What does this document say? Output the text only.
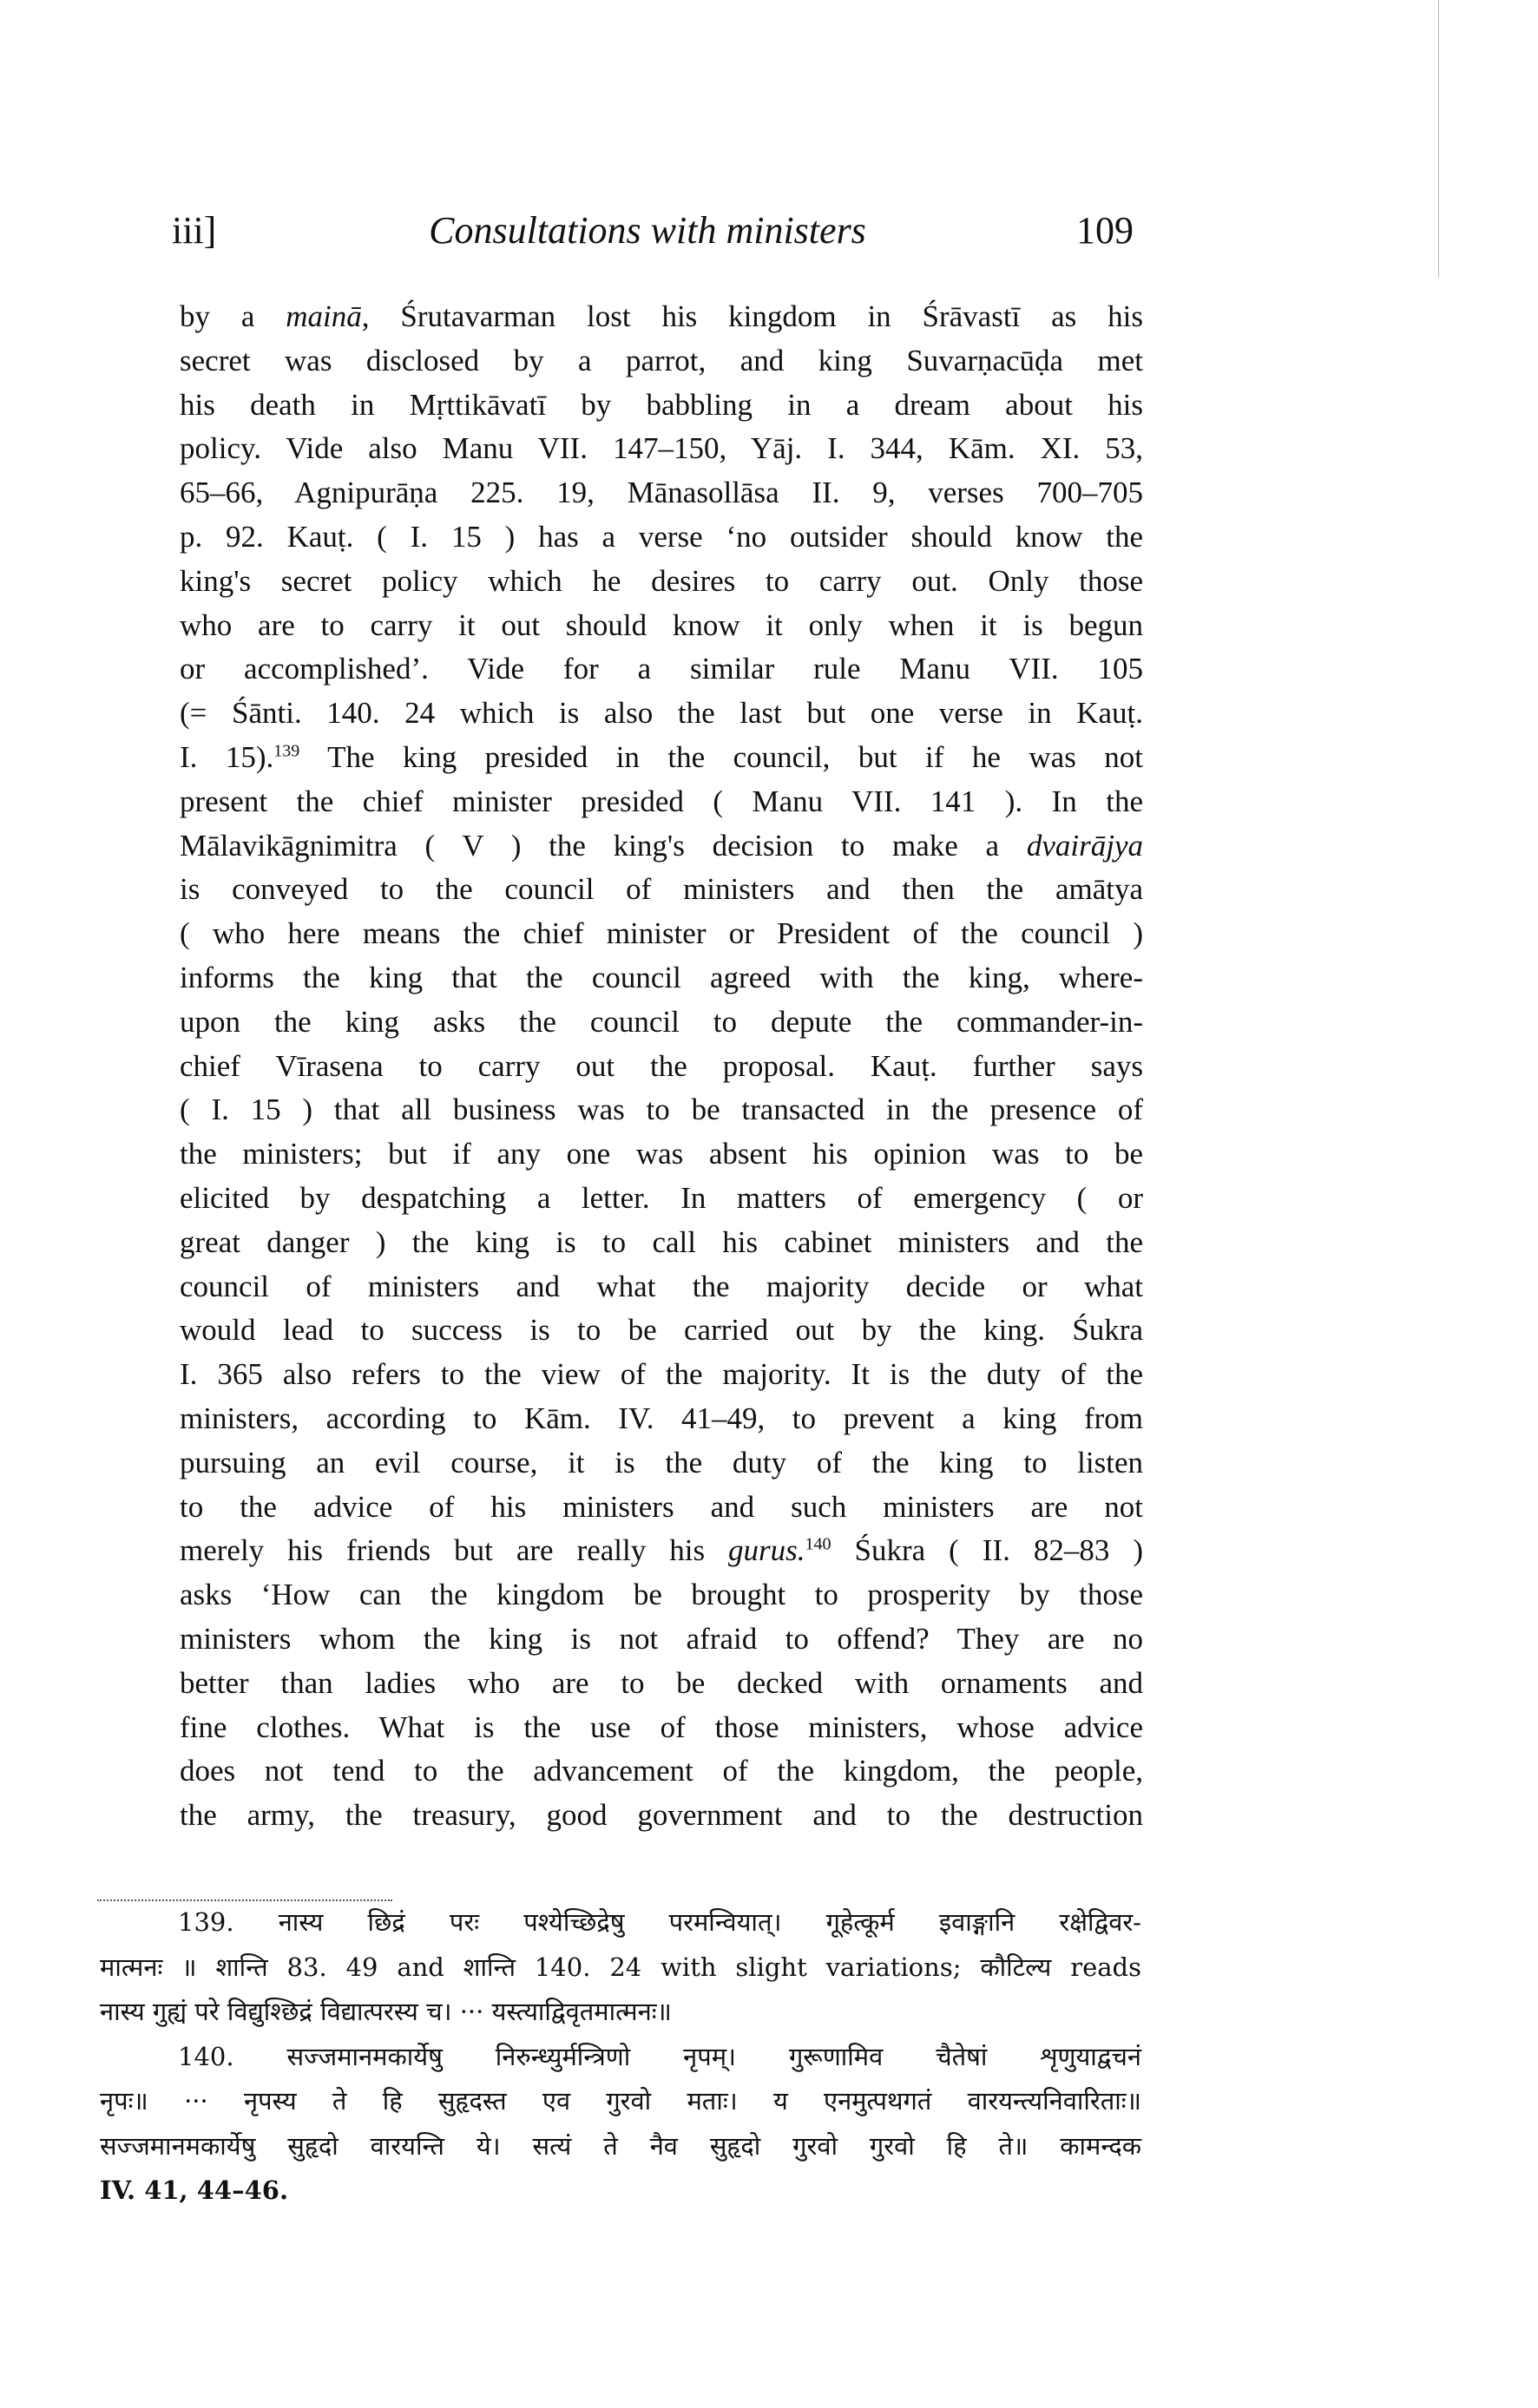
iii]	Consultations with ministers	109
by a mainā, Śrutavarman lost his kingdom in Śrāvastī as his
secret was disclosed by a parrot, and king Suvarṇacūḍa met
his death in Mṛttikāvatī by babbling in a dream about his
policy. Vide also Manu VII. 147–150, Yāj. I. 344, Kām. XI. 53,
65–66, Agnipurāṇa 225. 19, Mānasollāsa II. 9, verses 700–705
p. 92. Kauṭ. ( I. 15 ) has a verse ‘no outsider should know the
king's secret policy which he desires to carry out. Only those
who are to carry it out should know it only when it is begun
or accomplished’. Vide for a similar rule Manu VII. 105
(= Śānti. 140. 24 which is also the last but one verse in Kauṭ.
I. 15).$^{139}$ The king presided in the council, but if he was not
present the chief minister presided ( Manu VII. 141 ). In the
Mālavikāgnimitra ( V ) the king's decision to make a dvairājya
is conveyed to the council of ministers and then the amātya
( who here means the chief minister or President of the council )
informs the king that the council agreed with the king, where-
upon the king asks the council to depute the commander-in-
chief Vīrasena to carry out the proposal. Kauṭ. further says
( I. 15 ) that all business was to be transacted in the presence of
the ministers; but if any one was absent his opinion was to be
elicited by despatching a letter. In matters of emergency ( or
great danger ) the king is to call his cabinet ministers and the
council of ministers and what the majority decide or what
would lead to success is to be carried out by the king. Śukra
I. 365 also refers to the view of the majority. It is the duty of the
ministers, according to Kām. IV. 41–49, to prevent a king from
pursuing an evil course, it is the duty of the king to listen
to the advice of his ministers and such ministers are not
merely his friends but are really his gurus.$^{140}$ Śukra ( II. 82–83 )
asks ‘How can the kingdom be brought to prosperity by those
ministers whom the king is not afraid to offend? They are no
better than ladies who are to be decked with ornaments and
fine clothes. What is the use of those ministers, whose advice
does not tend to the advancement of the kingdom, the people,
the army, the treasury, good government and to the destruction
139. नास्य छिद्रं परः पश्येच्छिद्रेषु परमन्वियात्। गूहेत्कूर्म इवाङ्गानि रक्षेद्विवर-
मात्मनः ॥ शान्ति 83. 49 and शान्ति 140. 24 with slight variations; कौटिल्य reads
नास्य गुह्यं परे विद्युश्छिद्रं विद्यात्परस्य च। ··· यस्त्याद्विवृतमात्मनः॥
140. सज्जमानमकार्येषु निरुन्ध्युर्मन्त्रिणो नृपम्। गुरूणामिव चैतेषां शृणुयाद्वचनं
नृपः॥ ··· नृपस्य ते हि सुहृदस्त एव गुरवो मताः। य एनमुत्पथगतं वारयन्त्यनिवारिताः॥
सज्जमानमकार्येषु सुहृदो वारयन्ति ये। सत्यं ते नैव सुहृदो गुरवो गुरवो हि ते॥ कामन्दक
IV. 41, 44–46.
